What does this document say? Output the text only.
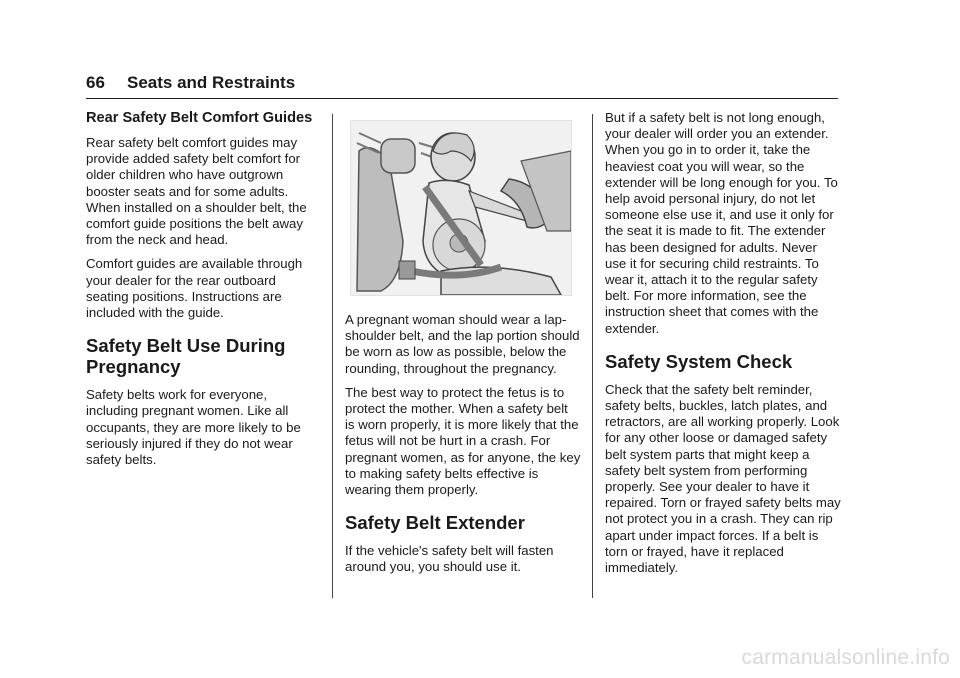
66 Seats and Restraints
Rear Safety Belt Comfort Guides

Rear safety belt comfort guides may provide added safety belt comfort for older children who have outgrown booster seats and for some adults. When installed on a shoulder belt, the comfort guide positions the belt away from the neck and head.

Comfort guides are available through your dealer for the rear outboard seating positions. Instructions are included with the guide.

Safety Belt Use During Pregnancy

Safety belts work for everyone, including pregnant women. Like all occupants, they are more likely to be seriously injured if they do not wear safety belts.

A pregnant woman should wear a lap-shoulder belt, and the lap portion should be worn as low as possible, below the rounding, throughout the pregnancy.

The best way to protect the fetus is to protect the mother. When a safety belt is worn properly, it is more likely that the fetus will not be hurt in a crash. For pregnant women, as for anyone, the key to making safety belts effective is wearing them properly.

Safety Belt Extender

If the vehicle's safety belt will fasten around you, you should use it.

But if a safety belt is not long enough, your dealer will order you an extender. When you go in to order it, take the heaviest coat you will wear, so the extender will be long enough for you. To help avoid personal injury, do not let someone else use it, and use it only for the seat it is made to fit. The extender has been designed for adults. Never use it for securing child restraints. To wear it, attach it to the regular safety belt. For more information, see the instruction sheet that comes with the extender.

Safety System Check

Check that the safety belt reminder, safety belts, buckles, latch plates, and retractors, are all working properly. Look for any other loose or damaged safety belt system parts that might keep a safety belt system from performing properly. See your dealer to have it repaired. Torn or frayed safety belts may not protect you in a crash. They can rip apart under impact forces. If a belt is torn or frayed, have it replaced immediately.

carmanualsonline.info
